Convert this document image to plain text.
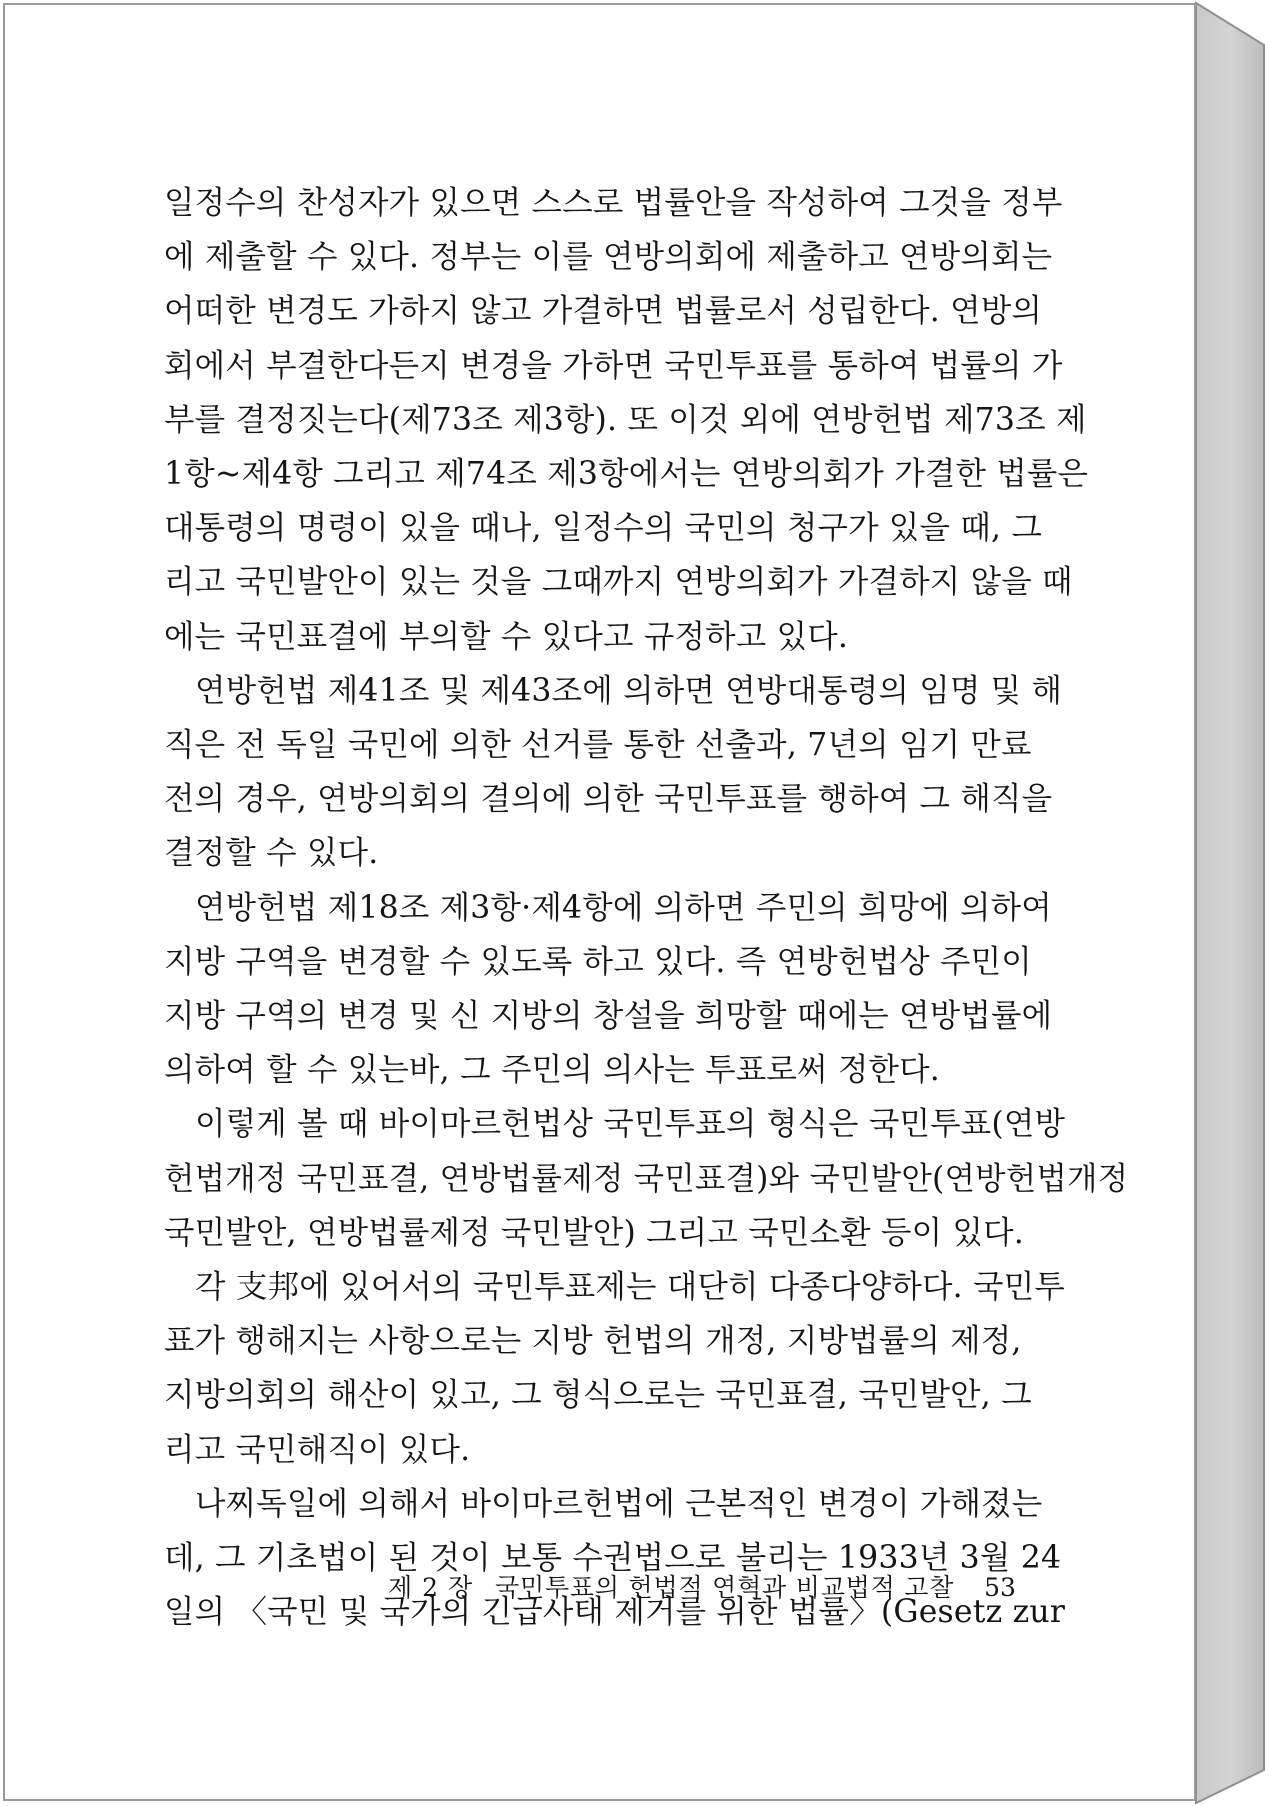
일정수의 찬성자가 있으면 스스로 법률안을 작성하여 그것을 정부
에 제출할 수 있다. 정부는 이를 연방의회에 제출하고 연방의회는
어떠한 변경도 가하지 않고 가결하면 법률로서 성립한다. 연방의
회에서 부결한다든지 변경을 가하면 국민투표를 통하여 법률의 가
부를 결정짓는다(제73조 제3항). 또 이것 외에 연방헌법 제73조 제
1항~제4항 그리고 제74조 제3항에서는 연방의회가 가결한 법률은
대통령의 명령이 있을 때나, 일정수의 국민의 청구가 있을 때, 그
리고 국민발안이 있는 것을 그때까지 연방의회가 가결하지 않을 때
에는 국민표결에 부의할 수 있다고 규정하고 있다.

연방헌법 제41조 및 제43조에 의하면 연방대통령의 임명 및 해
직은 전 독일 국민에 의한 선거를 통한 선출과, 7년의 임기 만료
전의 경우, 연방의회의 결의에 의한 국민투표를 행하여 그 해직을
결정할 수 있다.

연방헌법 제18조 제3항·제4항에 의하면 주민의 희망에 의하여
지방 구역을 변경할 수 있도록 하고 있다. 즉 연방헌법상 주민이
지방 구역의 변경 및 신 지방의 창설을 희망할 때에는 연방법률에
의하여 할 수 있는바, 그 주민의 의사는 투표로써 정한다.

이렇게 볼 때 바이마르헌법상 국민투표의 형식은 국민투표(연방
헌법개정 국민표결, 연방법률제정 국민표결)와 국민발안(연방헌법개정
국민발안, 연방법률제정 국민발안) 그리고 국민소환 등이 있다.

각 支邦에 있어서의 국민투표제는 대단히 다종다양하다. 국민투
표가 행해지는 사항으로는 지방 헌법의 개정, 지방법률의 제정,
지방의회의 해산이 있고, 그 형식으로는 국민표결, 국민발안, 그
리고 국민해직이 있다.

나찌독일에 의해서 바이마르헌법에 근본적인 변경이 가해졌는
데, 그 기초법이 된 것이 보통 수권법으로 불리는 1933년 3월 24
일의 〈국민 및 국가의 긴급사태 제거를 위한 법률〉(Gesetz zur

제 2 장 국민투표의 헌법적 연혁과 비교법적 고찰 53
